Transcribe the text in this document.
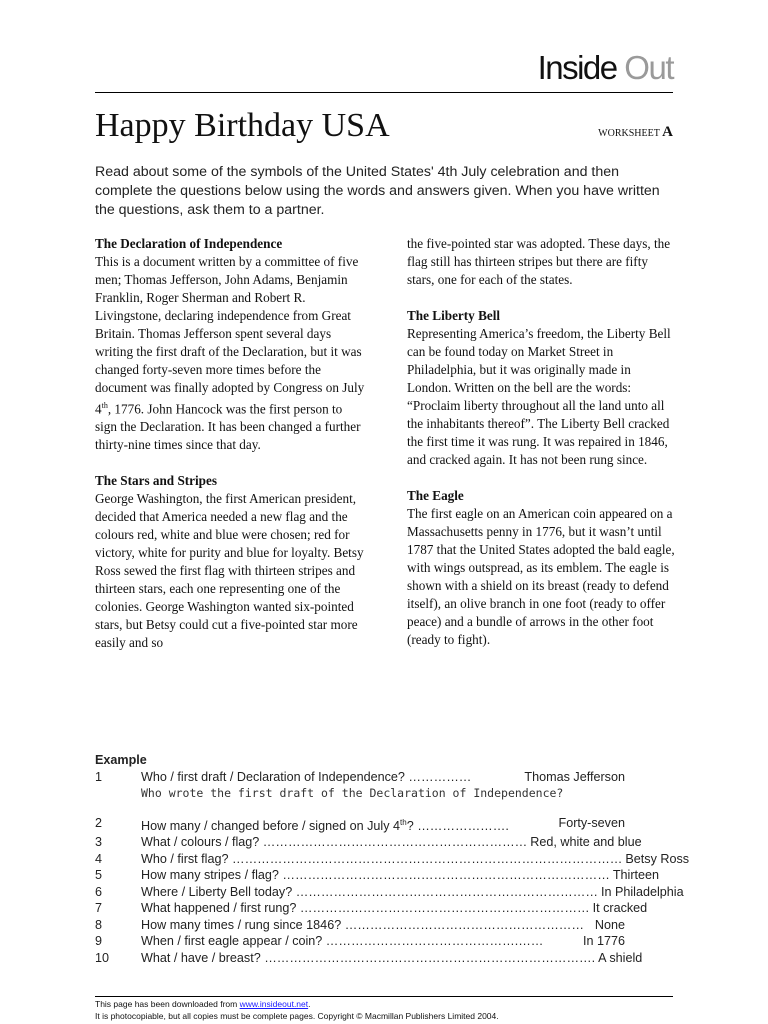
Inside Out
Happy Birthday USA	WORKSHEET A
Read about some of the symbols of the United States' 4th July celebration and then complete the questions below using the words and answers given. When you have written the questions, ask them to a partner.
The Declaration of Independence

This is a document written by a committee of five men; Thomas Jefferson, John Adams, Benjamin Franklin, Roger Sherman and Robert R. Livingstone, declaring independence from Great Britain. Thomas Jefferson spent several days writing the first draft of the Declaration, but it was changed forty-seven more times before the document was finally adopted by Congress on July 4th, 1776. John Hancock was the first person to sign the Declaration. It has been changed a further thirty-nine times since that day.

The Stars and Stripes

George Washington, the first American president, decided that America needed a new flag and the colours red, white and blue were chosen; red for victory, white for purity and blue for loyalty. Betsy Ross sewed the first flag with thirteen stripes and thirteen stars, each one representing one of the colonies. George Washington wanted six-pointed stars, but Betsy could cut a five-pointed star more easily and so

the five-pointed star was adopted. These days, the flag still has thirteen stripes but there are fifty stars, one for each of the states.

The Liberty Bell

Representing America’s freedom, the Liberty Bell can be found today on Market Street in Philadelphia, but it was originally made in London. Written on the bell are the words: “Proclaim liberty throughout all the land unto all the inhabitants thereof”. The Liberty Bell cracked the first time it was rung. It was repaired in 1846, and cracked again. It has not been rung since.

The Eagle

The first eagle on an American coin appeared on a Massachusetts penny in 1776, but it wasn’t until 1787 that the United States adopted the bald eagle, with wings outspread, as its emblem. The eagle is shown with a shield on its breast (ready to defend itself), an olive branch in one foot (ready to offer peace) and a bundle of arrows in the other foot (ready to fight).

Example
1	Who / first draft / Declaration of Independence? ……………	Thomas Jefferson
Who wrote the first draft of the Declaration of Independence?
2	How many / changed before / signed on July 4th? ………………….	Forty-seven
3	What / colours / flag? ……………………………………………………… Red, white and blue
4	Who / first flag? ………………………………………………………………………………… Betsy Ross
5	How many stripes / flag? …………………………………………………………………… Thirteen
6	Where / Liberty Bell today? ……………………………………………………………… In Philadelphia
7	What happened / first rung? …………………………………………………………… It cracked
8	How many times / rung since 1846? ………………………………………………… None
9	When / first eagle appear / coin? ……………………………………….……	In 1776
10	What / have / breast? ……………………………………………………………………. A shield
This page has been downloaded from www.insideout.net.
It is photocopiable, but all copies must be complete pages. Copyright © Macmillan Publishers Limited 2004.
